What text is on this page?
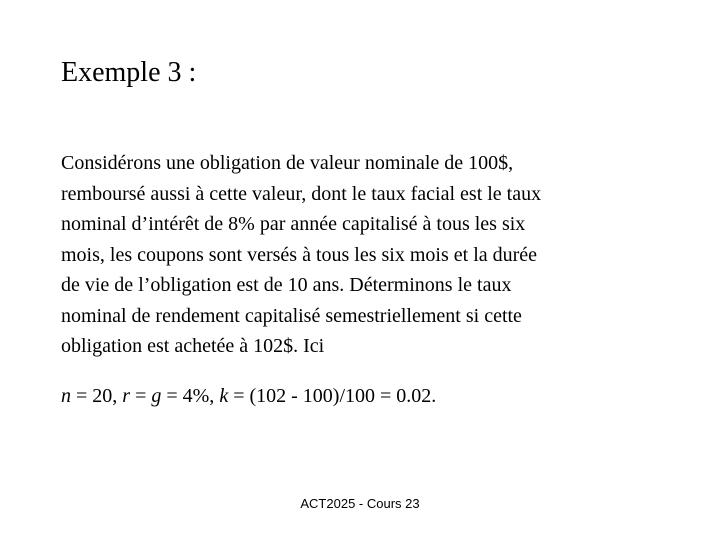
Exemple 3 :
Considérons une obligation de valeur nominale de 100$,
remboursé aussi à cette valeur, dont le taux facial est le taux
nominal d’intérêt de 8% par année capitalisé à tous les six
mois, les coupons sont versés à tous les six mois et la durée
de vie de l’obligation est de 10 ans. Déterminons le taux
nominal de rendement capitalisé semestriellement si cette
obligation est achetée à 102$. Ici
n = 20, r = g = 4%, k = (102 - 100)/100 = 0.02.
ACT2025 - Cours 23
